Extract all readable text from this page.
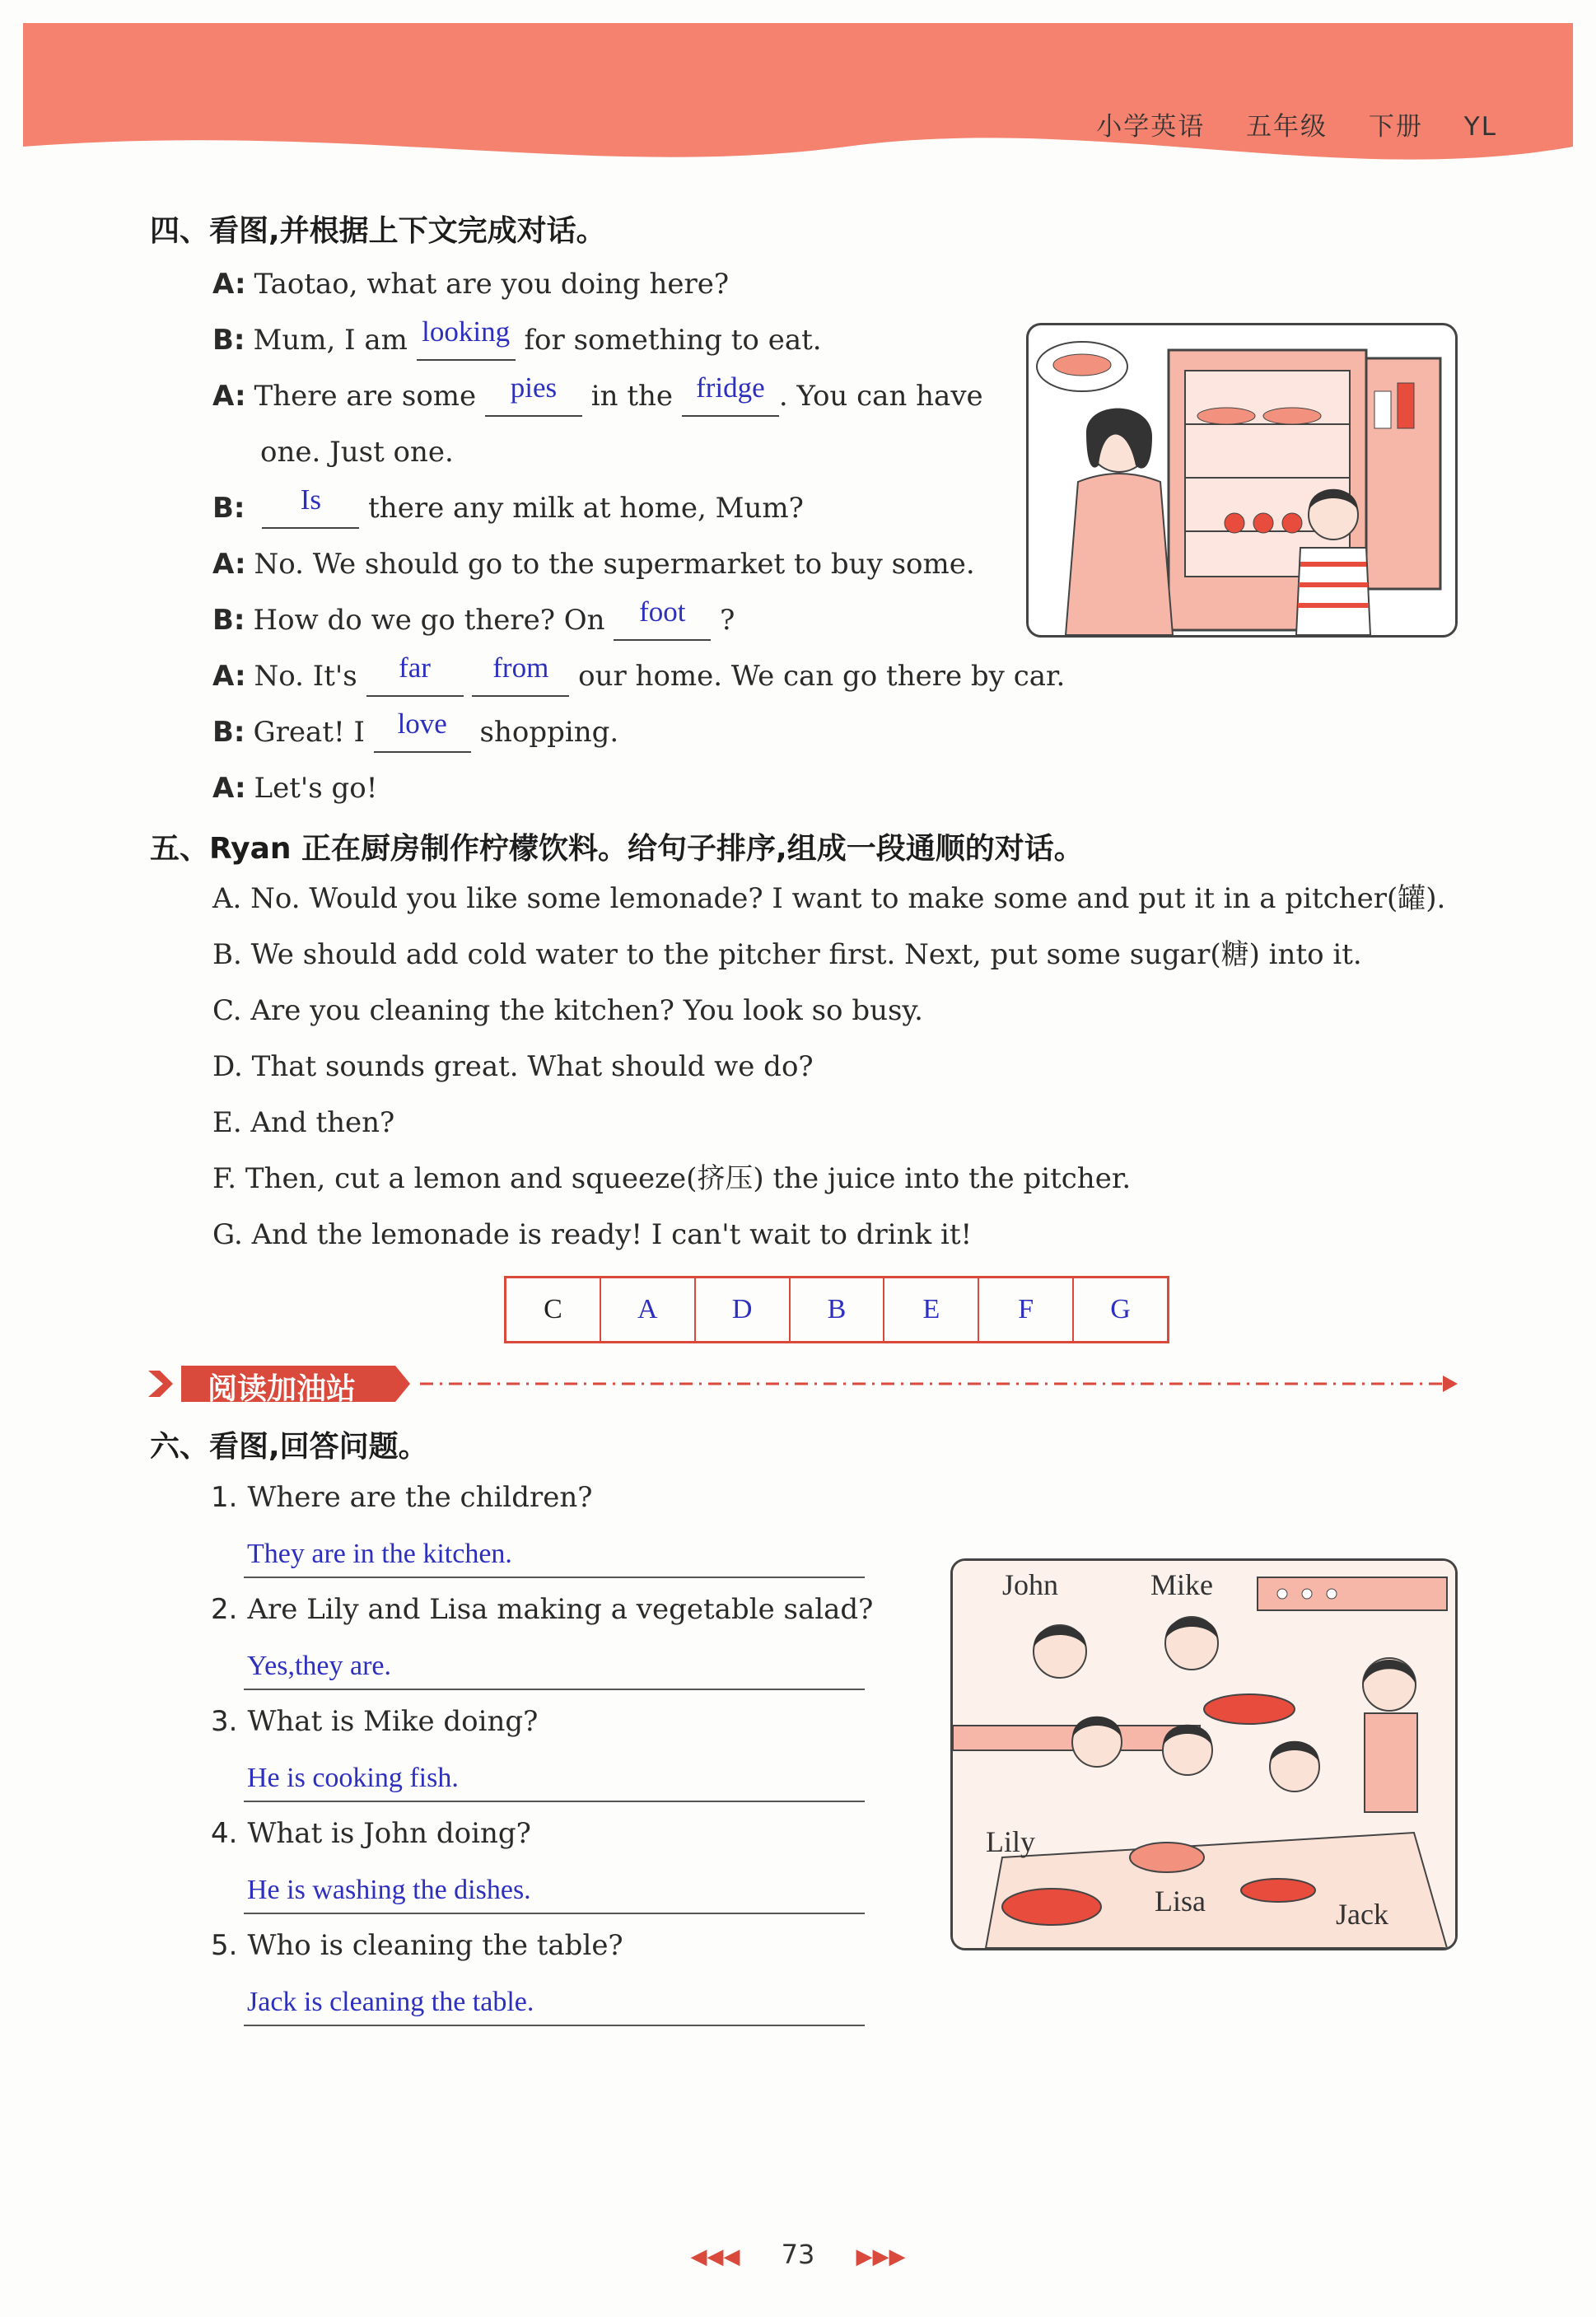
小学英语 五年级 下册 YL
四、看图,并根据上下文完成对话。
A: Taotao, what are you doing here?
B: Mum, I am looking for something to eat.
A: There are some pies in the fridge . You can have
one. Just one.
B: Is there any milk at home, Mum?
A: No. We should go to the supermarket to buy some.
B: How do we go there? On foot ?
A: No. It's far from our home. We can go there by car.
B: Great! I love shopping.
A: Let's go!
五、Ryan 正在厨房制作柠檬饮料。给句子排序,组成一段通顺的对话。
A. No. Would you like some lemonade? I want to make some and put it in a pitcher(罐).
B. We should add cold water to the pitcher first. Next, put some sugar(糖) into it.
C. Are you cleaning the kitchen? You look so busy.
D. That sounds great. What should we do?
E. And then?
F. Then, cut a lemon and squeeze(挤压) the juice into the pitcher.
G. And the lemonade is ready! I can't wait to drink it!
C	A	D	B	E	F	G
阅读加油站
六、看图,回答问题。
1. Where are the children?
They are in the kitchen.
2. Are Lily and Lisa making a vegetable salad?
Yes,they are.
3. What is Mike doing?
He is cooking fish.
4. What is John doing?
He is washing the dishes.
5. Who is cleaning the table?
Jack is cleaning the table.
John	Mike
Lily
Lisa	Jack
◀◀◀ 73 ▶▶▶
